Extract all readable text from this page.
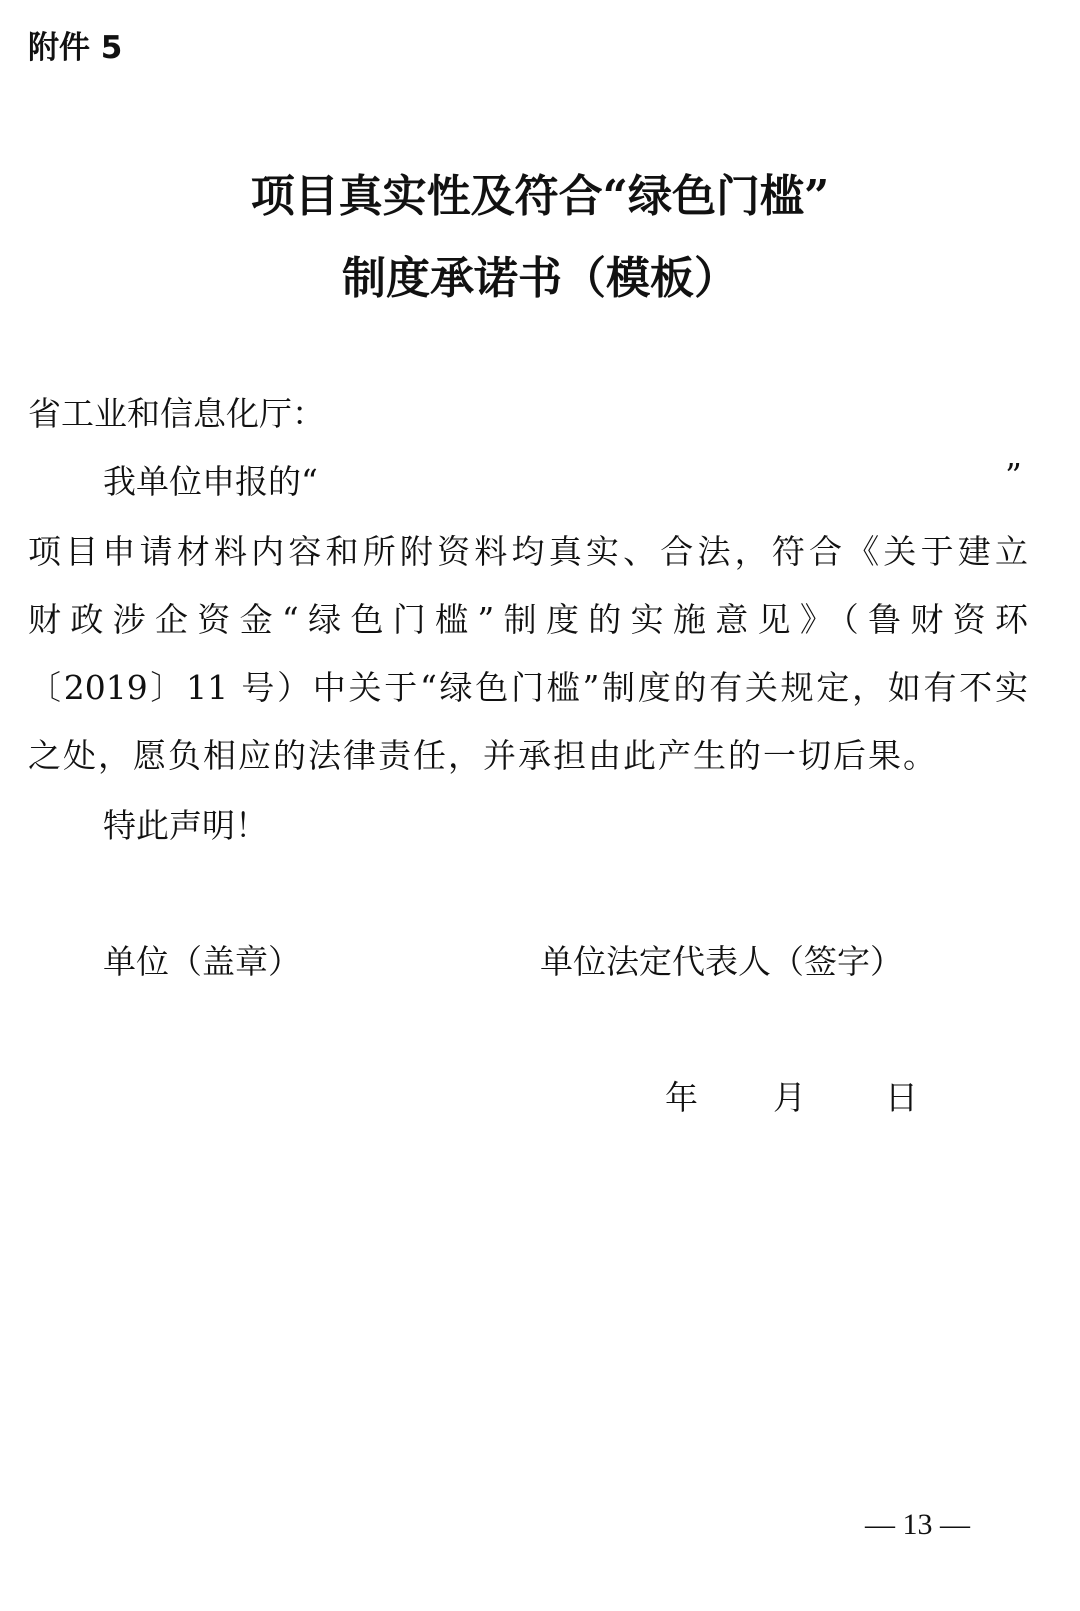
附件 5
项目真实性及符合“绿色门槛”
制度承诺书（模板）
省工业和信息化厅：
我单位申报的“	”
项目申请材料内容和所附资料均真实、合法，符合《关于建立
财政涉企资金“绿色门槛”制度的实施意见》（鲁财资环
〔2019〕11 号）中关于“绿色门槛”制度的有关规定，如有不实
之处，愿负相应的法律责任，并承担由此产生的一切后果。
特此声明！
单位（盖章）	单位法定代表人（签字）
年 月 日
— 13 —
